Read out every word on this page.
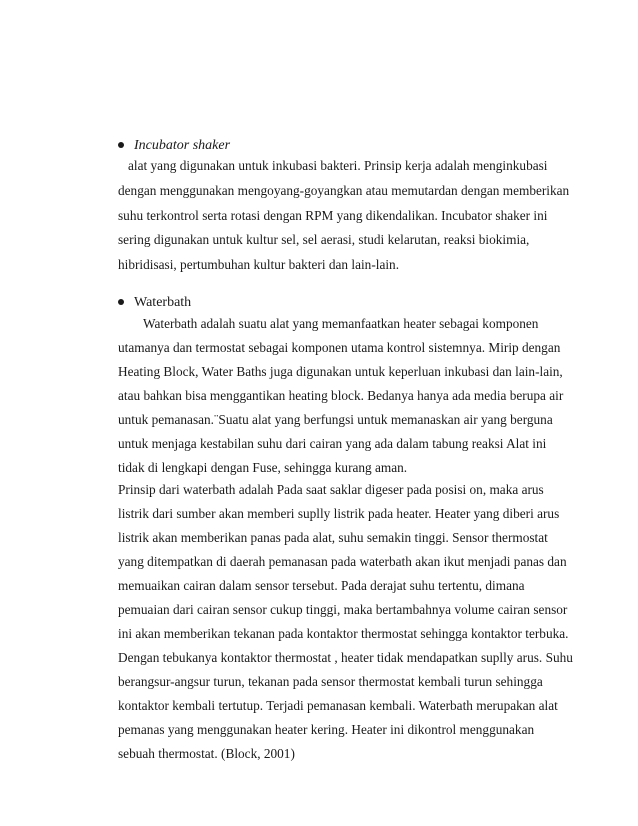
Incubator shaker
alat yang digunakan untuk inkubasi bakteri. Prinsip kerja adalah menginkubasi
dengan menggunakan mengoyang-goyangkan atau memutardan dengan memberikan
suhu terkontrol serta rotasi dengan RPM yang dikendalikan. Incubator shaker ini
sering digunakan untuk kultur sel, sel aerasi, studi kelarutan, reaksi biokimia,
hibridisasi, pertumbuhan kultur bakteri dan lain-lain.
Waterbath
Waterbath adalah suatu alat yang memanfaatkan heater sebagai komponen
utamanya dan termostat sebagai komponen utama kontrol sistemnya. Mirip dengan
Heating Block, Water Baths juga digunakan untuk keperluan inkubasi dan lain-lain,
atau bahkan bisa menggantikan heating block. Bedanya hanya ada media berupa air
untuk pemanasan.¨Suatu alat yang berfungsi untuk memanaskan air yang berguna
untuk menjaga kestabilan suhu dari cairan yang ada dalam tabung reaksi Alat ini
tidak di lengkapi dengan Fuse, sehingga kurang aman.
Prinsip dari waterbath adalah Pada saat saklar digeser pada posisi on, maka arus
listrik dari sumber akan memberi suplly listrik pada heater. Heater yang diberi arus
listrik akan memberikan panas pada alat, suhu semakin tinggi. Sensor thermostat
yang ditempatkan di daerah pemanasan pada waterbath akan ikut menjadi panas dan
memuaikan cairan dalam sensor tersebut. Pada derajat suhu tertentu, dimana
pemuaian dari cairan sensor cukup tinggi, maka bertambahnya volume cairan sensor
ini akan memberikan tekanan pada kontaktor thermostat sehingga kontaktor terbuka.
Dengan tebukanya kontaktor thermostat , heater tidak mendapatkan suplly arus. Suhu
berangsur-angsur turun, tekanan pada sensor thermostat kembali turun sehingga
kontaktor kembali tertutup. Terjadi pemanasan kembali. Waterbath merupakan alat
pemanas yang menggunakan heater kering. Heater ini dikontrol menggunakan
sebuah thermostat. (Block, 2001)
